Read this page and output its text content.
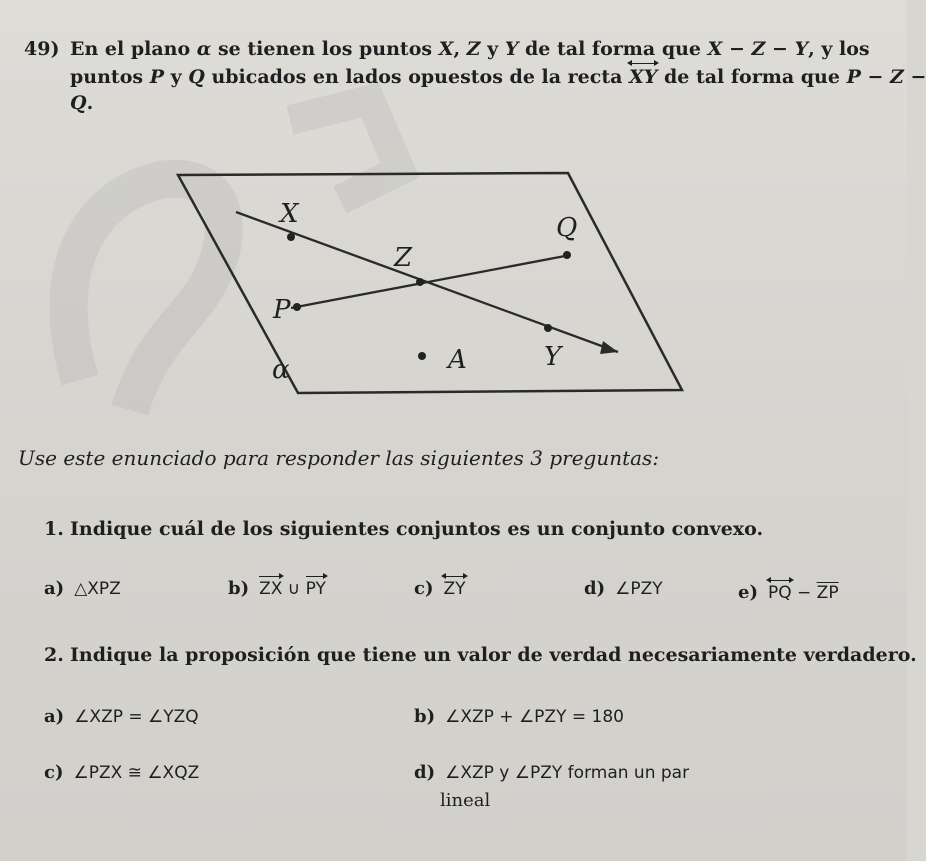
49) En el plano α se tienen los puntos X, Z y Y de tal forma que X − Z − Y, y los
puntos P y Q ubicados en lados opuestos de la recta
XY de tal forma que P − Z −
Q.
X	Q
Z
P
A	Y
α
Use este enunciado para responder las siguientes 3 preguntas:
1. Indique cuál de los siguientes conjuntos es un conjunto convexo.
a) △XPZ	b) ZX ∪ PY	c) ZY	d) ∠PZY	e) PQ − $\overline{ZP}$
2. Indique la proposición que tiene un valor de verdad necesariamente verdadero.
a) ∠XZP = ∠YZQ	b) ∠XZP + ∠PZY = 180
c) ∠PZX ≅ ∠XQZ	d) ∠XZP y ∠PZY forman un par
lineal
